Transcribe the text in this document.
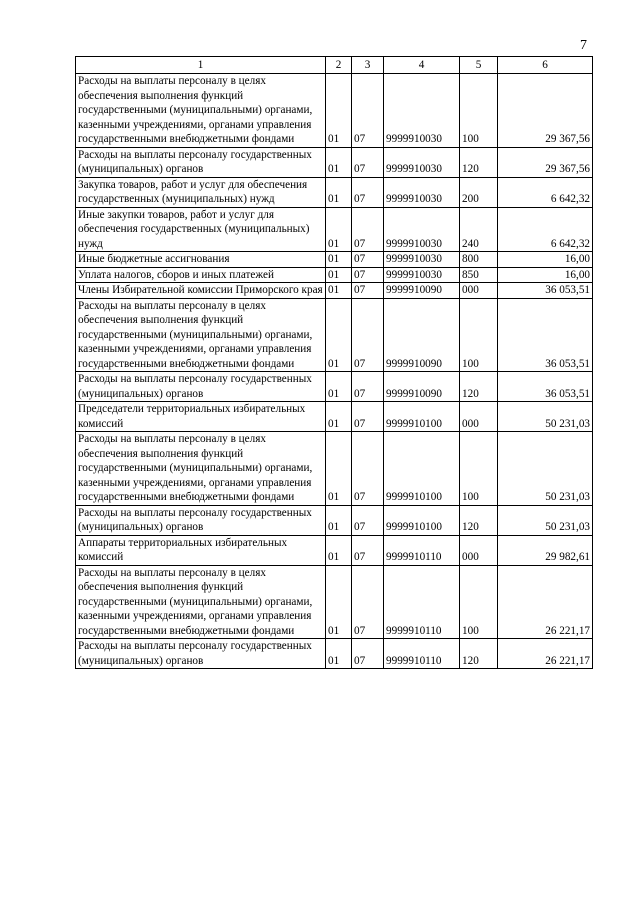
7
1	2	3	4	5	6
Расходы на выплаты персоналу в целях обеспечения выполнения функций государственными (муниципальными) органами, казенными учреждениями, органами управления государственными внебюджетными фондами	01	07	9999910030	100	29 367,56
Расходы на выплаты персоналу государственных (муниципальных) органов	01	07	9999910030	120	29 367,56
Закупка товаров, работ и услуг для обеспечения государственных (муниципальных) нужд	01	07	9999910030	200	6 642,32
Иные закупки товаров, работ и услуг для обеспечения государственных (муниципальных) нужд	01	07	9999910030	240	6 642,32
Иные бюджетные ассигнования	01	07	9999910030	800	16,00
Уплата налогов, сборов и иных платежей	01	07	9999910030	850	16,00
Члены Избирательной комиссии Приморского края	01	07	9999910090	000	36 053,51
Расходы на выплаты персоналу в целях обеспечения выполнения функций государственными (муниципальными) органами, казенными учреждениями, органами управления государственными внебюджетными фондами	01	07	9999910090	100	36 053,51
Расходы на выплаты персоналу государственных (муниципальных) органов	01	07	9999910090	120	36 053,51
Председатели территориальных избирательных комиссий	01	07	9999910100	000	50 231,03
Расходы на выплаты персоналу в целях обеспечения выполнения функций государственными (муниципальными) органами, казенными учреждениями, органами управления государственными внебюджетными фондами	01	07	9999910100	100	50 231,03
Расходы на выплаты персоналу государственных (муниципальных) органов	01	07	9999910100	120	50 231,03
Аппараты территориальных избирательных комиссий	01	07	9999910110	000	29 982,61
Расходы на выплаты персоналу в целях обеспечения выполнения функций государственными (муниципальными) органами, казенными учреждениями, органами управления государственными внебюджетными фондами	01	07	9999910110	100	26 221,17
Расходы на выплаты персоналу государственных (муниципальных) органов	01	07	9999910110	120	26 221,17
